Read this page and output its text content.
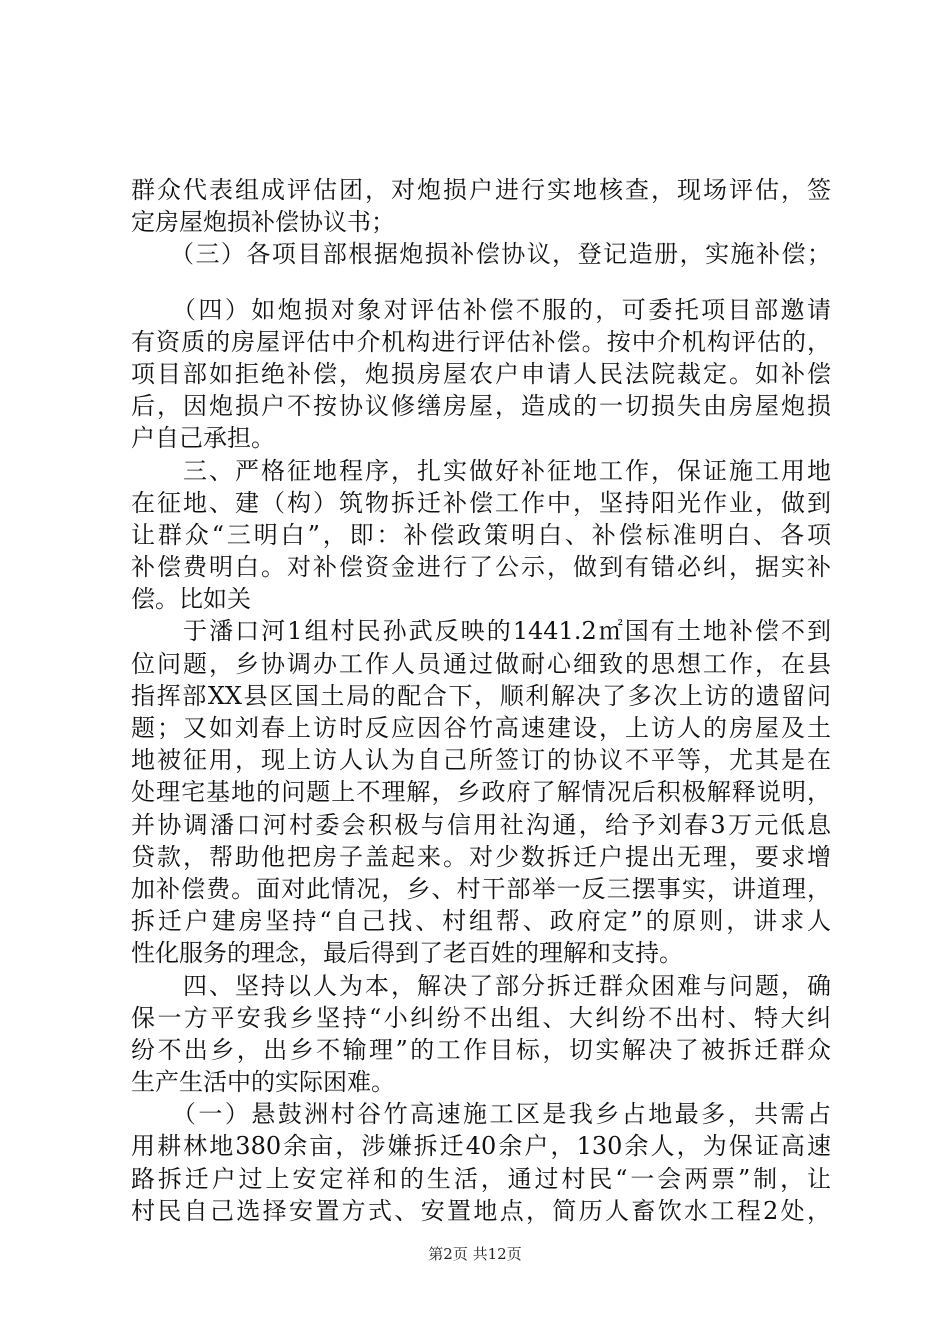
群众代表组成评估团，对炮损户进行实地核查，现场评估，签
定房屋炮损补偿协议书；
　　（三）各项目部根据炮损补偿协议，登记造册，实施补偿；
　　（四）如炮损对象对评估补偿不服的，可委托项目部邀请
有资质的房屋评估中介机构进行评估补偿。按中介机构评估的，
项目部如拒绝补偿，炮损房屋农户申请人民法院裁定。如补偿
后，因炮损户不按协议修缮房屋，造成的一切损失由房屋炮损
户自己承担。
　　三、严格征地程序，扎实做好补征地工作，保证施工用地
在征地、建（构）筑物拆迁补偿工作中，坚持阳光作业，做到
让群众“三明白”，即：补偿政策明白、补偿标准明白、各项
补偿费明白。对补偿资金进行了公示，做到有错必纠，据实补
偿。比如关
　　于潘口河1组村民孙武反映的1441.2㎡国有土地补偿不到
位问题，乡协调办工作人员通过做耐心细致的思想工作，在县
指挥部XX县区国土局的配合下，顺利解决了多次上访的遗留问
题；又如刘春上访时反应因谷竹高速建设，上访人的房屋及土
地被征用，现上访人认为自己所签订的协议不平等，尤其是在
处理宅基地的问题上不理解，乡政府了解情况后积极解释说明，
并协调潘口河村委会积极与信用社沟通，给予刘春3万元低息
贷款，帮助他把房子盖起来。对少数拆迁户提出无理，要求增
加补偿费。面对此情况，乡、村干部举一反三摆事实，讲道理，
拆迁户建房坚持“自己找、村组帮、政府定”的原则，讲求人
性化服务的理念，最后得到了老百姓的理解和支持。
　　四、坚持以人为本，解决了部分拆迁群众困难与问题，确
保一方平安我乡坚持“小纠纷不出组、大纠纷不出村、特大纠
纷不出乡，出乡不输理”的工作目标，切实解决了被拆迁群众
生产生活中的实际困难。
　　（一）悬鼓洲村谷竹高速施工区是我乡占地最多，共需占
用耕林地380余亩，涉嫌拆迁40余户，130余人，为保证高速
路拆迁户过上安定祥和的生活，通过村民“一会两票”制，让
村民自己选择安置方式、安置地点，简历人畜饮水工程2处，
第2页 共12页
